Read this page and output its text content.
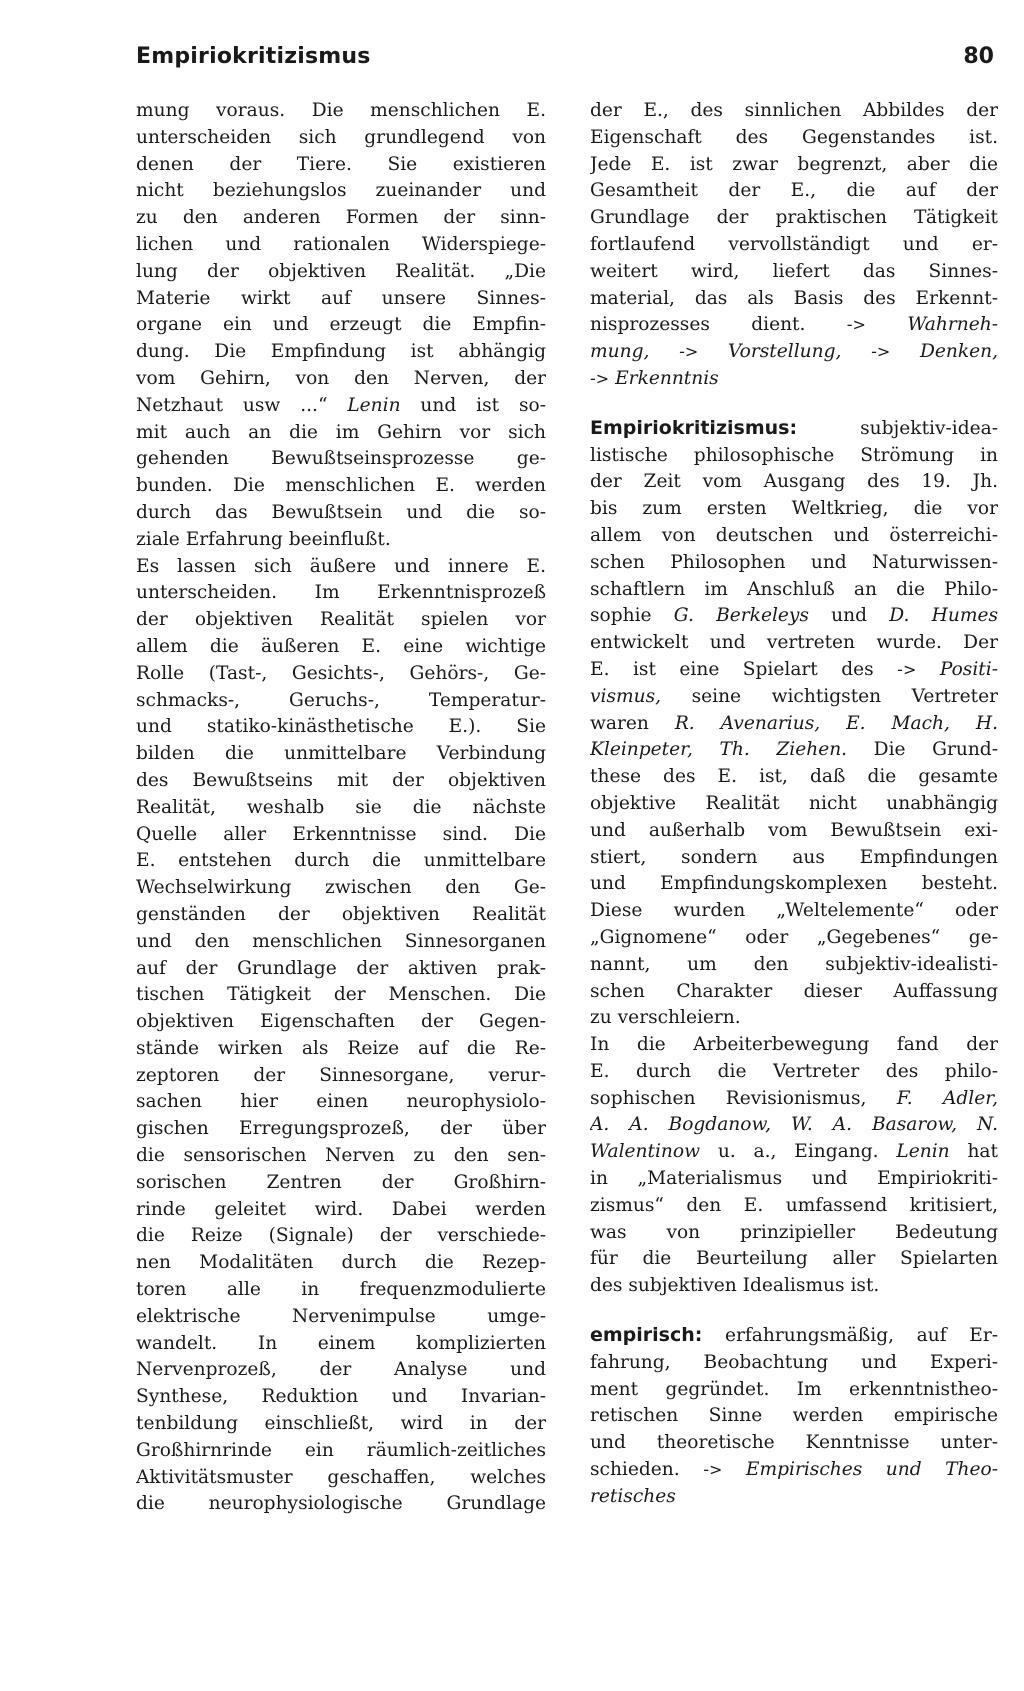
Empiriokritizismus	80
mung voraus. Die menschlichen E.
unterscheiden sich grundlegend von
denen der Tiere. Sie existieren
nicht beziehungslos zueinander und
zu den anderen Formen der sinn-
lichen und rationalen Widerspiege-
lung der objektiven Realität. „Die
Materie wirkt auf unsere Sinnes-
organe ein und erzeugt die Empfin-
dung. Die Empfindung ist abhängig
vom Gehirn, von den Nerven, der
Netzhaut usw ...“ Lenin und ist so-
mit auch an die im Gehirn vor sich
gehenden Bewußtseinsprozesse ge-
bunden. Die menschlichen E. werden
durch das Bewußtsein und die so-
ziale Erfahrung beeinflußt.
Es lassen sich äußere und innere E.
unterscheiden. Im Erkenntnisprozeß
der objektiven Realität spielen vor
allem die äußeren E. eine wichtige
Rolle (Tast-, Gesichts-, Gehörs-, Ge-
schmacks-, Geruchs-, Temperatur-
und statiko-kinästhetische E.). Sie
bilden die unmittelbare Verbindung
des Bewußtseins mit der objektiven
Realität, weshalb sie die nächste
Quelle aller Erkenntnisse sind. Die
E. entstehen durch die unmittelbare
Wechselwirkung zwischen den Ge-
genständen der objektiven Realität
und den menschlichen Sinnesorganen
auf der Grundlage der aktiven prak-
tischen Tätigkeit der Menschen. Die
objektiven Eigenschaften der Gegen-
stände wirken als Reize auf die Re-
zeptoren der Sinnesorgane, verur-
sachen hier einen neurophysiolo-
gischen Erregungsprozeß, der über
die sensorischen Nerven zu den sen-
sorischen Zentren der Großhirn-
rinde geleitet wird. Dabei werden
die Reize (Signale) der verschiede-
nen Modalitäten durch die Rezep-
toren alle in frequenzmodulierte
elektrische Nervenimpulse umge-
wandelt. In einem komplizierten
Nervenprozeß, der Analyse und
Synthese, Reduktion und Invarian-
tenbildung einschließt, wird in der
Großhirnrinde ein räumlich-zeitliches
Aktivitätsmuster geschaffen, welches
die neurophysiologische Grundlage
der E., des sinnlichen Abbildes der
Eigenschaft des Gegenstandes ist.
Jede E. ist zwar begrenzt, aber die
Gesamtheit der E., die auf der
Grundlage der praktischen Tätigkeit
fortlaufend vervollständigt und er-
weitert wird, liefert das Sinnes-
material, das als Basis des Erkennt-
nisprozesses dient.	-> Wahrneh-
mung, -> Vorstellung, -> Denken,
-> Erkenntnis
Empiriokritizismus: subjektiv-idea-
listische philosophische Strömung in
der Zeit vom Ausgang des 19. Jh.
bis zum ersten Weltkrieg, die vor
allem von deutschen und österreichi-
schen Philosophen und Naturwissen-
schaftlern im Anschluß an die Philo-
sophie G. Berkeleys und D. Humes
entwickelt und vertreten wurde. Der
E. ist eine Spielart des -> Positi-
vismus, seine wichtigsten Vertreter
waren R. Avenarius, E. Mach, H.
Kleinpeter, Th. Ziehen. Die Grund-
these des E. ist, daß die gesamte
objektive Realität nicht unabhängig
und außerhalb vom Bewußtsein exi-
stiert, sondern aus Empfindungen
und Empfindungskomplexen besteht.
Diese wurden „Weltelemente“ oder
„Gignomene“ oder „Gegebenes“ ge-
nannt, um den subjektiv-idealisti-
schen Charakter dieser Auffassung
zu verschleiern.
In die Arbeiterbewegung fand der
E. durch die Vertreter des philo-
sophischen Revisionismus, F. Adler,
A. A. Bogdanow, W. A. Basarow, N.
Walentinow u. a., Eingang. Lenin hat
in „Materialismus und Empiriokriti-
zismus“ den E. umfassend kritisiert,
was von prinzipieller Bedeutung
für die Beurteilung aller Spielarten
des subjektiven Idealismus ist.
empirisch: erfahrungsmäßig, auf Er-
fahrung, Beobachtung und Experi-
ment gegründet. Im erkenntnistheo-
retischen Sinne werden empirische
und theoretische Kenntnisse unter-
schieden. -> Empirisches und Theo-
retisches
